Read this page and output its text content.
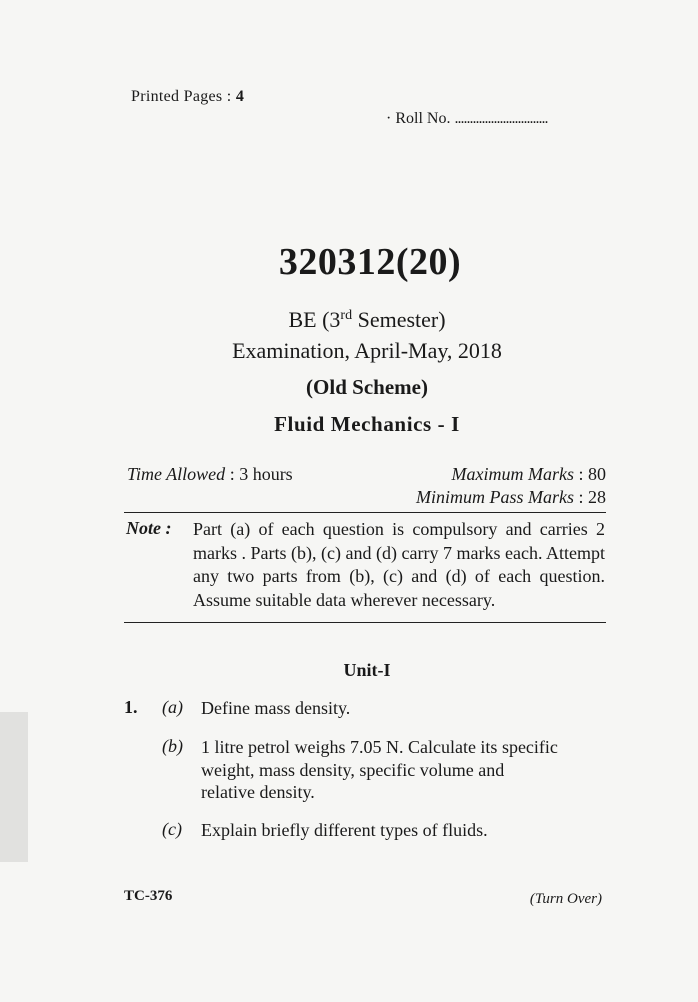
Printed Pages : 4
· Roll No. ...............................
320312(20)
BE (3rd Semester)
Examination, April-May, 2018
(Old Scheme)
Fluid Mechanics - I
Time Allowed : 3 hours	Maximum Marks : 80
Minimum Pass Marks : 28
Note : Part (a) of each question is compulsory and carries 2 marks . Parts (b), (c) and (d) carry 7 marks each. Attempt any two parts from (b), (c) and (d) of each question. Assume suitable data wherever necessary.
Unit-I
1. (a) Define mass density.
(b) 1 litre petrol weighs 7.05 N. Calculate its specific weight, mass density, specific volume and relative density.
(c) Explain briefly different types of fluids.
TC-376	(Turn Over)
